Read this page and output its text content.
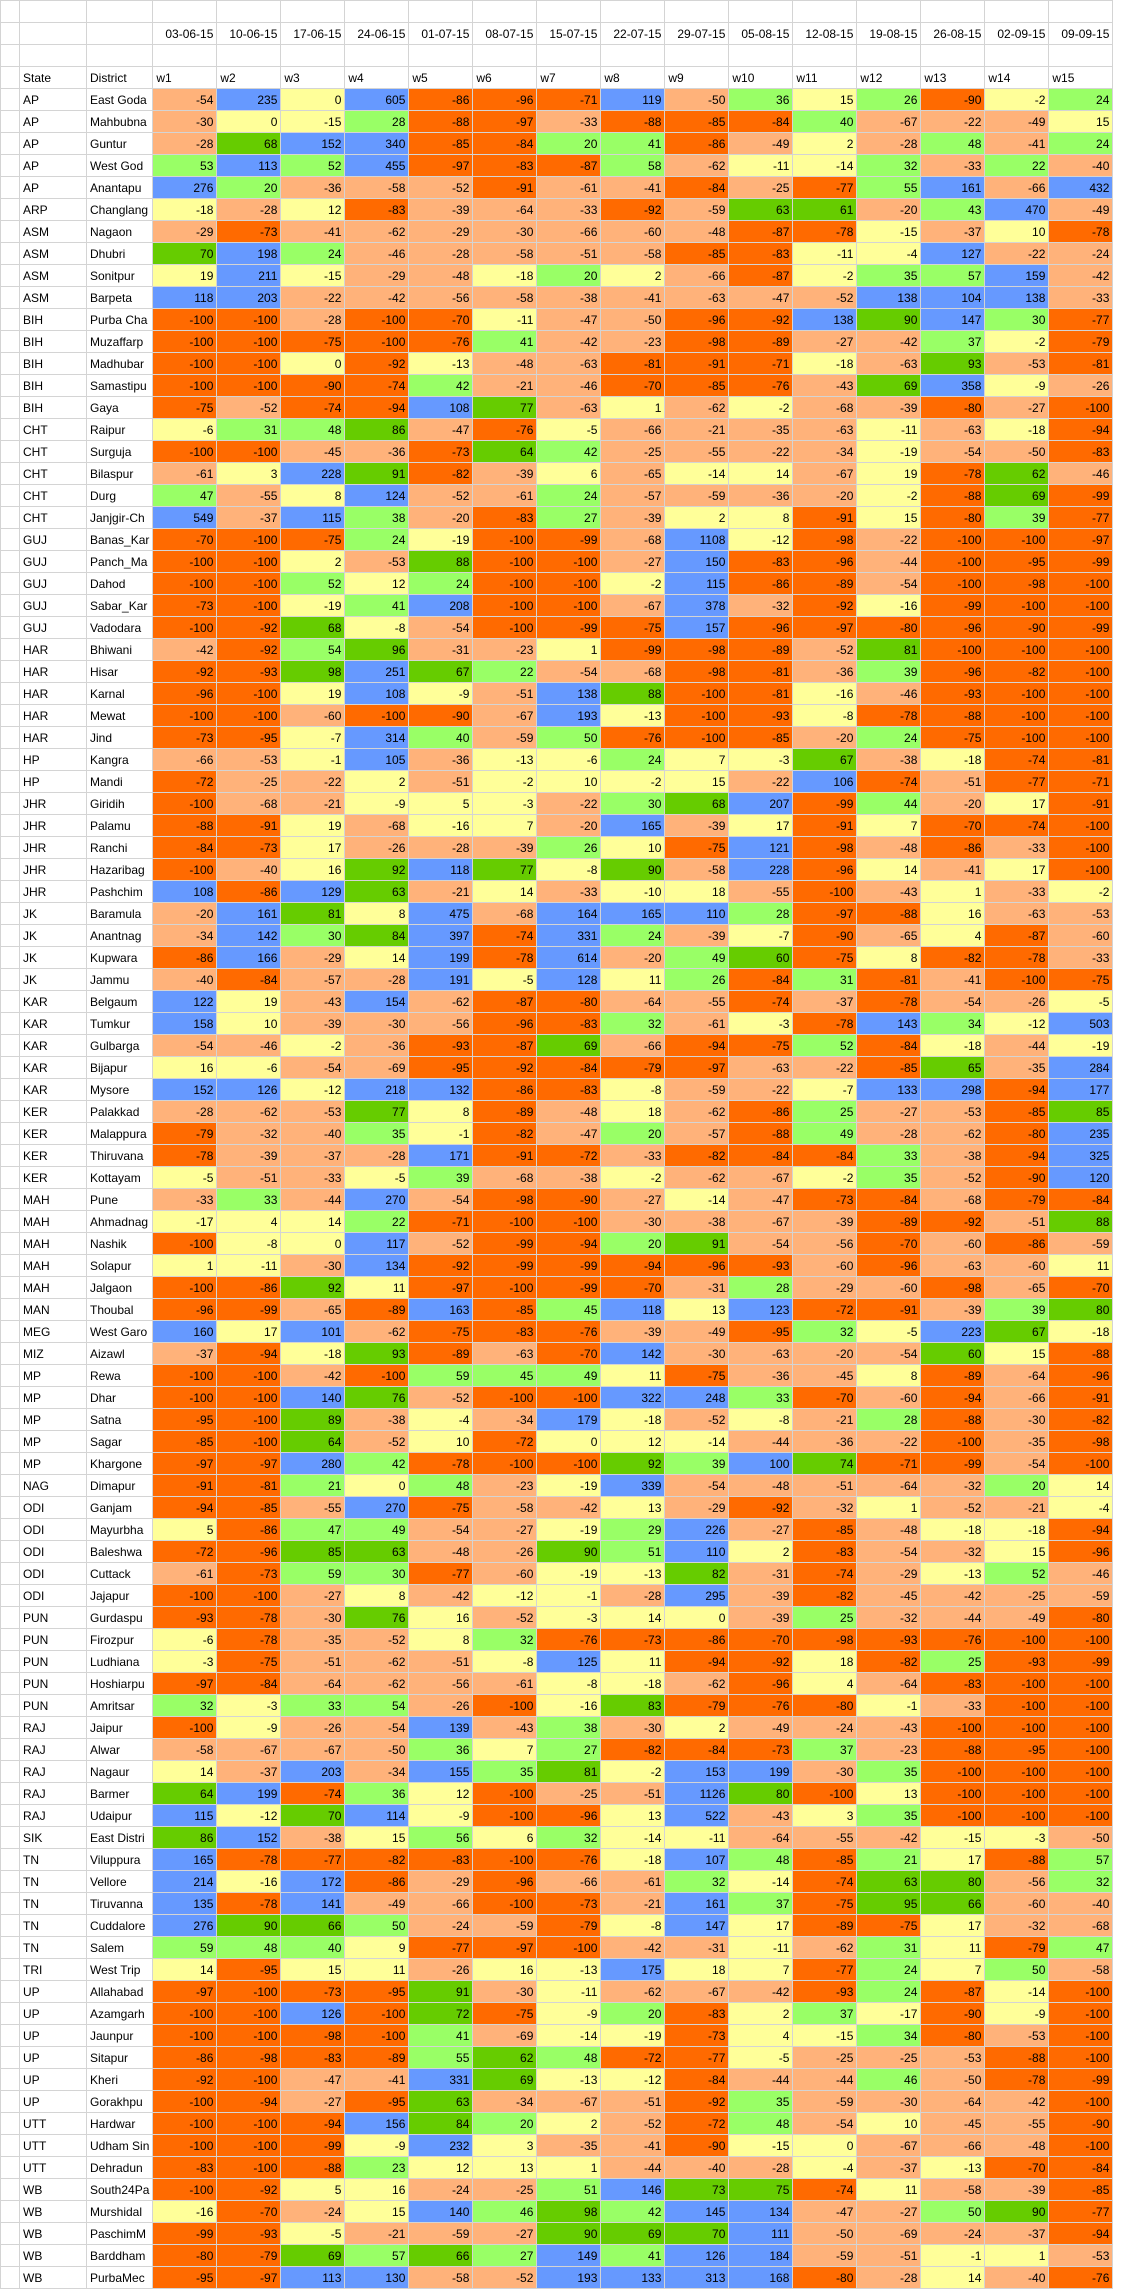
			03-06-15	10-06-15	17-06-15	24-06-15	01-07-15	08-07-15	15-07-15	22-07-15	29-07-15	05-08-15	12-08-15	19-08-15	26-08-15	02-09-15	09-09-15

	State	District	w1	w2	w3	w4	w5	w6	w7	w8	w9	w10	w11	w12	w13	w14	w15
	AP	East Goda	-54	235	0	605	-86	-96	-71	119	-50	36	15	26	-90	-2	24
	AP	Mahbubna	-30	0	-15	28	-88	-97	-33	-88	-85	-84	40	-67	-22	-49	15
	AP	Guntur	-28	68	152	340	-85	-84	20	41	-86	-49	2	-28	48	-41	24
	AP	West God	53	113	52	455	-97	-83	-87	58	-62	-11	-14	32	-33	22	-40
	AP	Anantapu	276	20	-36	-58	-52	-91	-61	-41	-84	-25	-77	55	161	-66	432
	ARP	Changlang	-18	-28	12	-83	-39	-64	-33	-92	-59	63	61	-20	43	470	-49
	ASM	Nagaon	-29	-73	-41	-62	-29	-30	-66	-60	-48	-87	-78	-15	-37	10	-78
	ASM	Dhubri	70	198	24	-46	-28	-58	-51	-58	-85	-83	-11	-4	127	-22	-24
	ASM	Sonitpur	19	211	-15	-29	-48	-18	20	2	-66	-87	-2	35	57	159	-42
	ASM	Barpeta	118	203	-22	-42	-56	-58	-38	-41	-63	-47	-52	138	104	138	-33
	BIH	Purba Cha	-100	-100	-28	-100	-70	-11	-47	-50	-96	-92	138	90	147	30	-77
	BIH	Muzaffarp	-100	-100	-75	-100	-76	41	-42	-23	-98	-89	-27	-42	37	-2	-79
	BIH	Madhubar	-100	-100	0	-92	-13	-48	-63	-81	-91	-71	-18	-63	93	-53	-81
	BIH	Samastipu	-100	-100	-90	-74	42	-21	-46	-70	-85	-76	-43	69	358	-9	-26
	BIH	Gaya	-75	-52	-74	-94	108	77	-63	1	-62	-2	-68	-39	-80	-27	-100
	CHT	Raipur	-6	31	48	86	-47	-76	-5	-66	-21	-35	-63	-11	-63	-18	-94
	CHT	Surguja	-100	-100	-45	-36	-73	64	42	-25	-55	-22	-34	-19	-54	-50	-83
	CHT	Bilaspur	-61	3	228	91	-82	-39	6	-65	-14	14	-67	19	-78	62	-46
	CHT	Durg	47	-55	8	124	-52	-61	24	-57	-59	-36	-20	-2	-88	69	-99
	CHT	Janjgir-Ch	549	-37	115	38	-20	-83	27	-39	2	8	-91	15	-80	39	-77
	GUJ	Banas_Kar	-70	-100	-75	24	-19	-100	-99	-68	1108	-12	-98	-22	-100	-100	-97
	GUJ	Panch_Ma	-100	-100	2	-53	88	-100	-100	-27	150	-83	-96	-44	-100	-95	-99
	GUJ	Dahod	-100	-100	52	12	24	-100	-100	-2	115	-86	-89	-54	-100	-98	-100
	GUJ	Sabar_Kar	-73	-100	-19	41	208	-100	-100	-67	378	-32	-92	-16	-99	-100	-100
	GUJ	Vadodara	-100	-92	68	-8	-54	-100	-99	-75	157	-96	-97	-80	-96	-90	-99
	HAR	Bhiwani	-42	-92	54	96	-31	-23	1	-99	-98	-89	-52	81	-100	-100	-100
	HAR	Hisar	-92	-93	98	251	67	22	-54	-68	-98	-81	-36	39	-96	-82	-100
	HAR	Karnal	-96	-100	19	108	-9	-51	138	88	-100	-81	-16	-46	-93	-100	-100
	HAR	Mewat	-100	-100	-60	-100	-90	-67	193	-13	-100	-93	-8	-78	-88	-100	-100
	HAR	Jind	-73	-95	-7	314	40	-59	50	-76	-100	-85	-20	24	-75	-100	-100
	HP	Kangra	-66	-53	-1	105	-36	-13	-6	24	7	-3	67	-38	-18	-74	-81
	HP	Mandi	-72	-25	-22	2	-51	-2	10	-2	15	-22	106	-74	-51	-77	-71
	JHR	Giridih	-100	-68	-21	-9	5	-3	-22	30	68	207	-99	44	-20	17	-91
	JHR	Palamu	-88	-91	19	-68	-16	7	-20	165	-39	17	-91	7	-70	-74	-100
	JHR	Ranchi	-84	-73	17	-26	-28	-39	26	10	-75	121	-98	-48	-86	-33	-100
	JHR	Hazaribag	-100	-40	16	92	118	77	-8	90	-58	228	-96	14	-41	17	-100
	JHR	Pashchim	108	-86	129	63	-21	14	-33	-10	18	-55	-100	-43	1	-33	-2
	JK	Baramula	-20	161	81	8	475	-68	164	165	110	28	-97	-88	16	-63	-53
	JK	Anantnag	-34	142	30	84	397	-74	331	24	-39	-7	-90	-65	4	-87	-60
	JK	Kupwara	-86	166	-29	14	199	-78	614	-20	49	60	-75	8	-82	-78	-33
	JK	Jammu	-40	-84	-57	-28	191	-5	128	11	26	-84	31	-81	-41	-100	-75
	KAR	Belgaum	122	19	-43	154	-62	-87	-80	-64	-55	-74	-37	-78	-54	-26	-5
	KAR	Tumkur	158	10	-39	-30	-56	-96	-83	32	-61	-3	-78	143	34	-12	503
	KAR	Gulbarga	-54	-46	-2	-36	-93	-87	69	-66	-94	-75	52	-84	-18	-44	-19
	KAR	Bijapur	16	-6	-54	-69	-95	-92	-84	-79	-97	-63	-22	-85	65	-35	284
	KAR	Mysore	152	126	-12	218	132	-86	-83	-8	-59	-22	-7	133	298	-94	177
	KER	Palakkad	-28	-62	-53	77	8	-89	-48	18	-62	-86	25	-27	-53	-85	85
	KER	Malappura	-79	-32	-40	35	-1	-82	-47	20	-57	-88	49	-28	-62	-80	235
	KER	Thiruvana	-78	-39	-37	-28	171	-91	-72	-33	-82	-84	-84	33	-38	-94	325
	KER	Kottayam	-5	-51	-33	-5	39	-68	-38	-2	-62	-67	-2	35	-52	-90	120
	MAH	Pune	-33	33	-44	270	-54	-98	-90	-27	-14	-47	-73	-84	-68	-79	-84
	MAH	Ahmadnag	-17	4	14	22	-71	-100	-100	-30	-38	-67	-39	-89	-92	-51	88
	MAH	Nashik	-100	-8	0	117	-52	-99	-94	20	91	-54	-56	-70	-60	-86	-59
	MAH	Solapur	1	-11	-30	134	-92	-99	-99	-94	-96	-93	-60	-96	-63	-60	11
	MAH	Jalgaon	-100	-86	92	11	-97	-100	-99	-70	-31	28	-29	-60	-98	-65	-70
	MAN	Thoubal	-96	-99	-65	-89	163	-85	45	118	13	123	-72	-91	-39	39	80
	MEG	West Garo	160	17	101	-62	-75	-83	-76	-39	-49	-95	32	-5	223	67	-18
	MIZ	Aizawl	-37	-94	-18	93	-89	-63	-70	142	-30	-63	-20	-54	60	15	-88
	MP	Rewa	-100	-100	-42	-100	59	45	49	11	-75	-36	-45	8	-89	-64	-96
	MP	Dhar	-100	-100	140	76	-52	-100	-100	322	248	33	-70	-60	-94	-66	-91
	MP	Satna	-95	-100	89	-38	-4	-34	179	-18	-52	-8	-21	28	-88	-30	-82
	MP	Sagar	-85	-100	64	-52	10	-72	0	12	-14	-44	-36	-22	-100	-35	-98
	MP	Khargone	-97	-97	280	42	-78	-100	-100	92	39	100	74	-71	-99	-54	-100
	NAG	Dimapur	-91	-81	21	0	48	-23	-19	339	-54	-48	-51	-64	-32	20	14
	ODI	Ganjam	-94	-85	-55	270	-75	-58	-42	13	-29	-92	-32	1	-52	-21	-4
	ODI	Mayurbha	5	-86	47	49	-54	-27	-19	29	226	-27	-85	-48	-18	-18	-94
	ODI	Baleshwa	-72	-96	85	63	-48	-26	90	51	110	2	-83	-54	-32	15	-96
	ODI	Cuttack	-61	-73	59	30	-77	-60	-19	-13	82	-31	-74	-29	-13	52	-46
	ODI	Jajapur	-100	-100	-27	8	-42	-12	-1	-28	295	-39	-82	-45	-42	-25	-59
	PUN	Gurdaspu	-93	-78	-30	76	16	-52	-3	14	0	-39	25	-32	-44	-49	-80
	PUN	Firozpur	-6	-78	-35	-52	8	32	-76	-73	-86	-70	-98	-93	-76	-100	-100
	PUN	Ludhiana	-3	-75	-51	-62	-51	-8	125	11	-94	-92	18	-82	25	-93	-99
	PUN	Hoshiarpu	-97	-84	-64	-62	-56	-61	-8	-18	-62	-96	4	-64	-83	-100	-100
	PUN	Amritsar	32	-3	33	54	-26	-100	-16	83	-79	-76	-80	-1	-33	-100	-100
	RAJ	Jaipur	-100	-9	-26	-54	139	-43	38	-30	2	-49	-24	-43	-100	-100	-100
	RAJ	Alwar	-58	-67	-67	-50	36	7	27	-82	-84	-73	37	-23	-88	-95	-100
	RAJ	Nagaur	14	-37	203	-34	155	35	81	-2	153	199	-30	35	-100	-100	-100
	RAJ	Barmer	64	199	-74	36	12	-100	-25	-51	1126	80	-100	13	-100	-100	-100
	RAJ	Udaipur	115	-12	70	114	-9	-100	-96	13	522	-43	3	35	-100	-100	-100
	SIK	East Distri	86	152	-38	15	56	6	32	-14	-11	-64	-55	-42	-15	-3	-50
	TN	Viluppura	165	-78	-77	-82	-83	-100	-76	-18	107	48	-85	21	17	-88	57
	TN	Vellore	214	-16	172	-86	-29	-96	-66	-61	32	-14	-74	63	80	-56	32
	TN	Tiruvanna	135	-78	141	-49	-66	-100	-73	-21	161	37	-75	95	66	-60	-40
	TN	Cuddalore	276	90	66	50	-24	-59	-79	-8	147	17	-89	-75	17	-32	-68
	TN	Salem	59	48	40	9	-77	-97	-100	-42	-31	-11	-62	31	11	-79	47
	TRI	West Trip	14	-95	15	11	-26	16	-13	175	18	7	-77	24	7	50	-58
	UP	Allahabad	-97	-100	-73	-95	91	-30	-11	-62	-67	-42	-93	24	-87	-14	-100
	UP	Azamgarh	-100	-100	126	-100	72	-75	-9	20	-83	2	37	-17	-90	-9	-100
	UP	Jaunpur	-100	-100	-98	-100	41	-69	-14	-19	-73	4	-15	34	-80	-53	-100
	UP	Sitapur	-86	-98	-83	-89	55	62	48	-72	-77	-5	-25	-25	-53	-88	-100
	UP	Kheri	-92	-100	-47	-41	331	69	-13	-12	-84	-44	-44	46	-50	-78	-99
	UP	Gorakhpu	-100	-94	-27	-95	63	-34	-67	-51	-92	35	-59	-30	-64	-42	-100
	UTT	Hardwar	-100	-100	-94	156	84	20	2	-52	-72	48	-54	10	-45	-55	-90
	UTT	Udham Sin	-100	-100	-99	-9	232	3	-35	-41	-90	-15	0	-67	-66	-48	-100
	UTT	Dehradun	-83	-100	-88	23	12	13	1	-44	-40	-28	-4	-37	-13	-70	-84
	WB	South24Pa	-100	-92	5	16	-24	-25	51	146	73	75	-74	11	-58	-39	-85
	WB	Murshidal	-16	-70	-24	15	140	46	98	42	145	134	-47	-27	50	90	-77
	WB	PaschimM	-99	-93	-5	-21	-59	-27	90	69	70	111	-50	-69	-24	-37	-94
	WB	Barddham	-80	-79	69	57	66	27	149	41	126	184	-59	-51	-1	1	-53
	WB	PurbaMec	-95	-97	113	130	-58	-52	193	133	313	168	-80	-28	14	-40	-76
